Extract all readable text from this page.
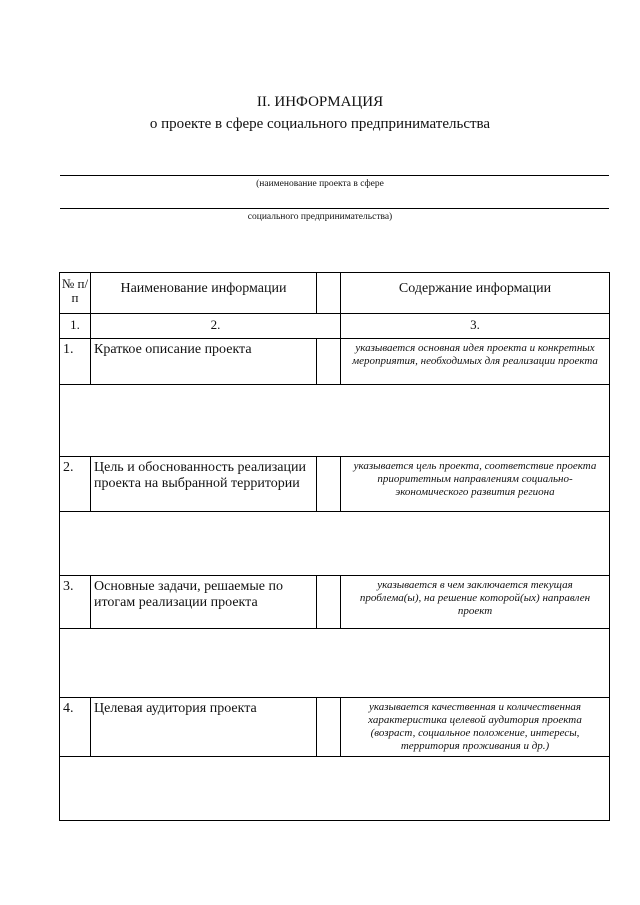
II. ИНФОРМАЦИЯ
о проекте в сфере социального предпринимательства
(наименование проекта в сфере
социального предпринимательства)
№ п/п	Наименование информации		Содержание информации
1.	2.		3.
1.	Краткое описание проекта		указывается основная идея проекта и конкретных мероприятия, необходимых для реализации проекта

2.	Цель и обоснованность реализации проекта на выбранной территории		указывается цель проекта, соответствие проекта приоритетным направлениям социально-экономического развития региона

3.	Основные задачи, решаемые по итогам реализации проекта		указывается в чем заключается текущая проблема(ы), на решение которой(ых) направлен проект

4.	Целевая аудитория проекта		указывается качественная и количественная характеристика целевой аудитория проекта (возраст, социальное положение, интересы, территория проживания и др.)
